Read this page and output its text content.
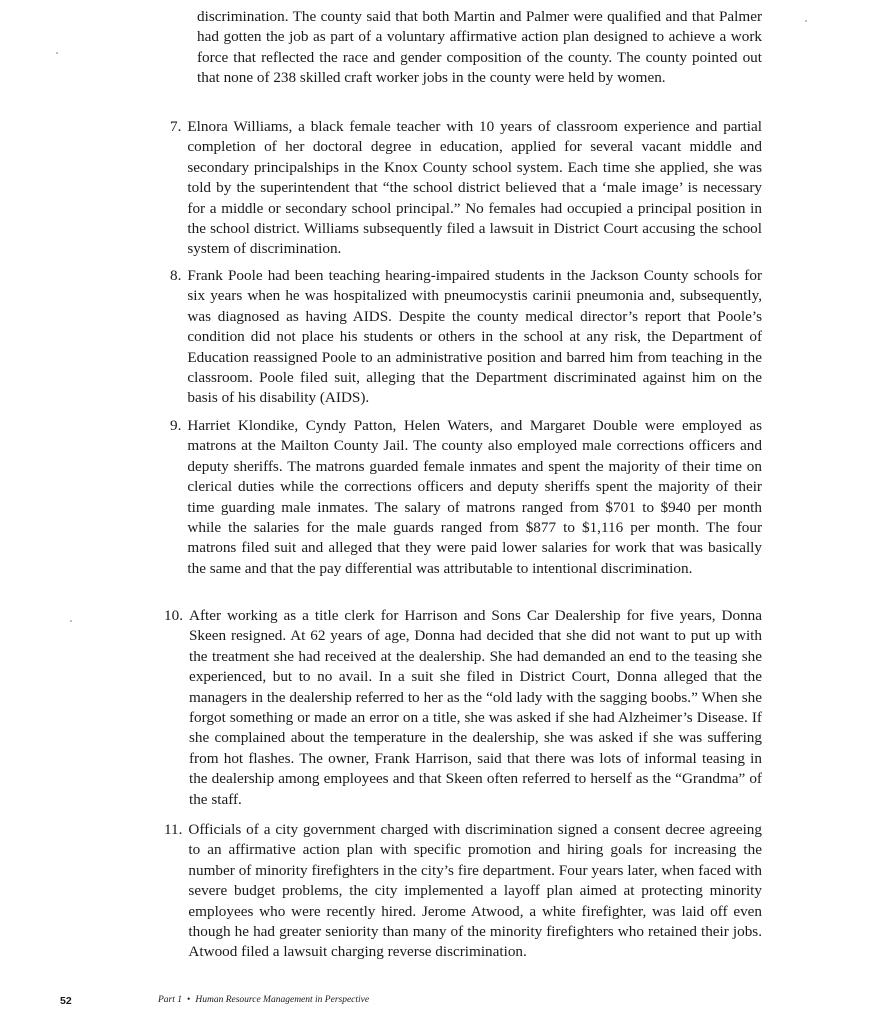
discrimination. The county said that both Martin and Palmer were qualified and that Palmer had gotten the job as part of a voluntary affirmative action plan designed to achieve a work force that reflected the race and gender composition of the county. The county pointed out that none of 238 skilled craft worker jobs in the county were held by women.

7. Elnora Williams, a black female teacher with 10 years of classroom experience and partial completion of her doctoral degree in education, applied for several vacant middle and secondary principalships in the Knox County school system. Each time she applied, she was told by the superintendent that “the school district believed that a ‘male image’ is necessary for a middle or secondary school principal.” No females had occupied a principal position in the school district. Williams subsequently filed a lawsuit in District Court accusing the school system of discrimination.
8. Frank Poole had been teaching hearing-impaired students in the Jackson County schools for six years when he was hospitalized with pneumocystis carinii pneumonia and, subsequently, was diagnosed as having AIDS. Despite the county medical director’s report that Poole’s condition did not place his students or others in the school at any risk, the Department of Education reassigned Poole to an administrative position and barred him from teaching in the classroom. Poole filed suit, alleging that the Department discriminated against him on the basis of his disability (AIDS).
9. Harriet Klondike, Cyndy Patton, Helen Waters, and Margaret Double were employed as matrons at the Mailton County Jail. The county also employed male corrections officers and deputy sheriffs. The matrons guarded female inmates and spent the majority of their time on clerical duties while the corrections officers and deputy sheriffs spent the majority of their time guarding male inmates. The salary of matrons ranged from $701 to $940 per month while the salaries for the male guards ranged from $877 to $1,116 per month. The four matrons filed suit and alleged that they were paid lower salaries for work that was basically the same and that the pay differential was attributable to intentional discrimination.
10. After working as a title clerk for Harrison and Sons Car Dealership for five years, Donna Skeen resigned. At 62 years of age, Donna had decided that she did not want to put up with the treatment she had received at the dealership. She had demanded an end to the teasing she experienced, but to no avail. In a suit she filed in District Court, Donna alleged that the managers in the dealership referred to her as the “old lady with the sagging boobs.” When she forgot something or made an error on a title, she was asked if she had Alzheimer’s Disease. If she complained about the temperature in the dealership, she was asked if she was suffering from hot flashes. The owner, Frank Harrison, said that there was lots of informal teasing in the dealership among employees and that Skeen often referred to herself as the “Grandma” of the staff.
11. Officials of a city government charged with discrimination signed a consent decree agreeing to an affirmative action plan with specific promotion and hiring goals for increasing the number of minority firefighters in the city’s fire department. Four years later, when faced with severe budget problems, the city implemented a layoff plan aimed at protecting minority employees who were recently hired. Jerome Atwood, a white firefighter, was laid off even though he had greater seniority than many of the minority firefighters who retained their jobs. Atwood filed a lawsuit charging reverse discrimination.
52	Part 1 • Human Resource Management in Perspective
